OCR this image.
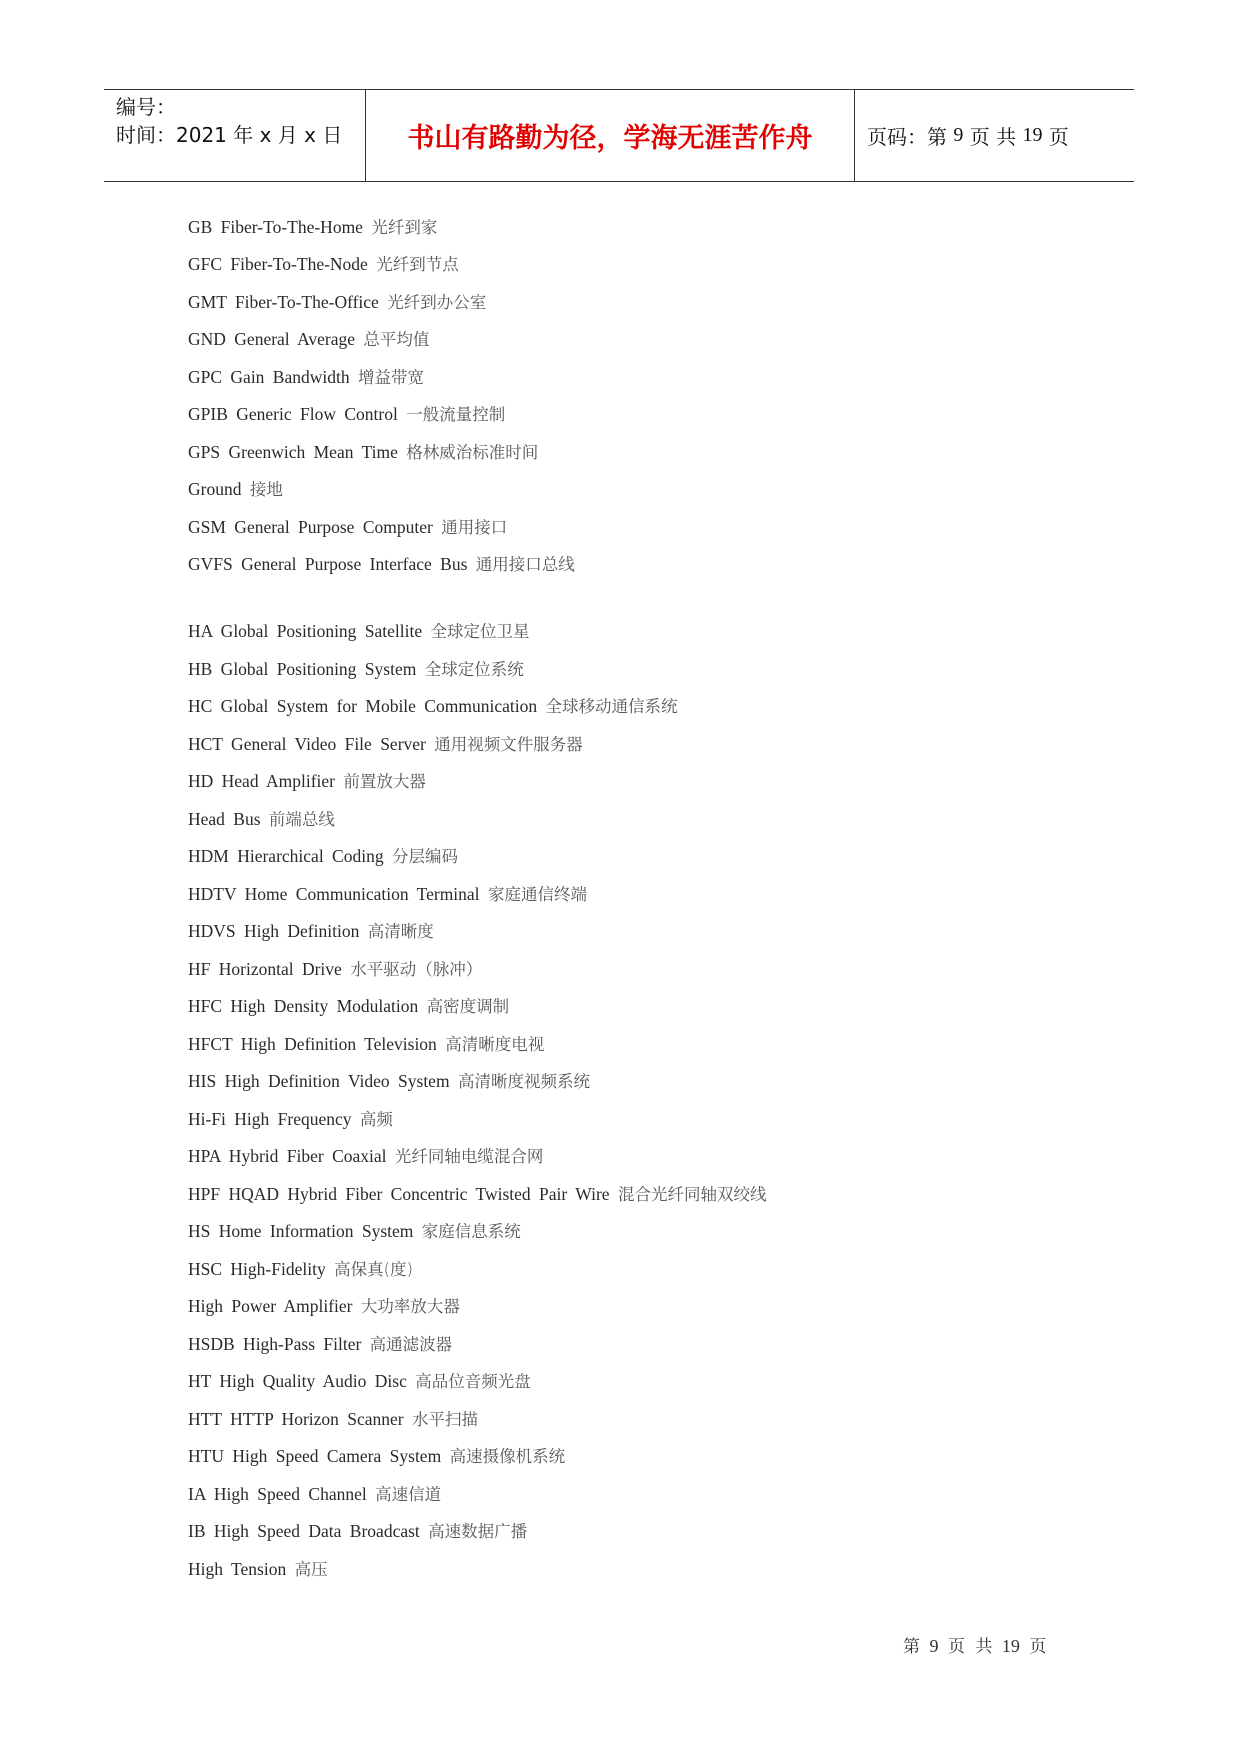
编号：
时间：2021 年 x 月 x 日	书山有路勤为径，学海无涯苦作舟	页码：第
9
页 共
19
页
GB Fiber-To-The-Home 光纤到家
GFC Fiber-To-The-Node 光纤到节点
GMT Fiber-To-The-Office 光纤到办公室
GND General Average 总平均值
GPC Gain Bandwidth 增益带宽
GPIB Generic Flow Control 一般流量控制
GPS Greenwich Mean Time 格林威治标准时间
Ground 接地
GSM General Purpose Computer 通用接口
GVFS General Purpose Interface Bus 通用接口总线
HA Global Positioning Satellite 全球定位卫星
HB Global Positioning System 全球定位系统
HC Global System for Mobile Communication 全球移动通信系统
HCT General Video File Server 通用视频文件服务器
HD Head Amplifier 前置放大器
Head Bus 前端总线
HDM Hierarchical Coding 分层编码
HDTV Home Communication Terminal 家庭通信终端
HDVS High Definition 高清晰度
HF Horizontal Drive 水平驱动（脉冲）
HFC High Density Modulation 高密度调制
HFCT High Definition Television 高清晰度电视
HIS High Definition Video System 高清晰度视频系统
Hi-Fi High Frequency 高频
HPA Hybrid Fiber Coaxial 光纤同轴电缆混合网
HPF HQAD Hybrid Fiber Concentric Twisted Pair Wire 混合光纤同轴双绞线
HS Home Information System 家庭信息系统
HSC High-Fidelity 高保真(度)
High Power Amplifier 大功率放大器
HSDB High-Pass Filter 高通滤波器
HT High Quality Audio Disc 高品位音频光盘
HTT HTTP Horizon Scanner 水平扫描
HTU High Speed Camera System 高速摄像机系统
IA High Speed Channel 高速信道
IB High Speed Data Broadcast 高速数据广播
High Tension 高压
第 9 页 共 19 页
